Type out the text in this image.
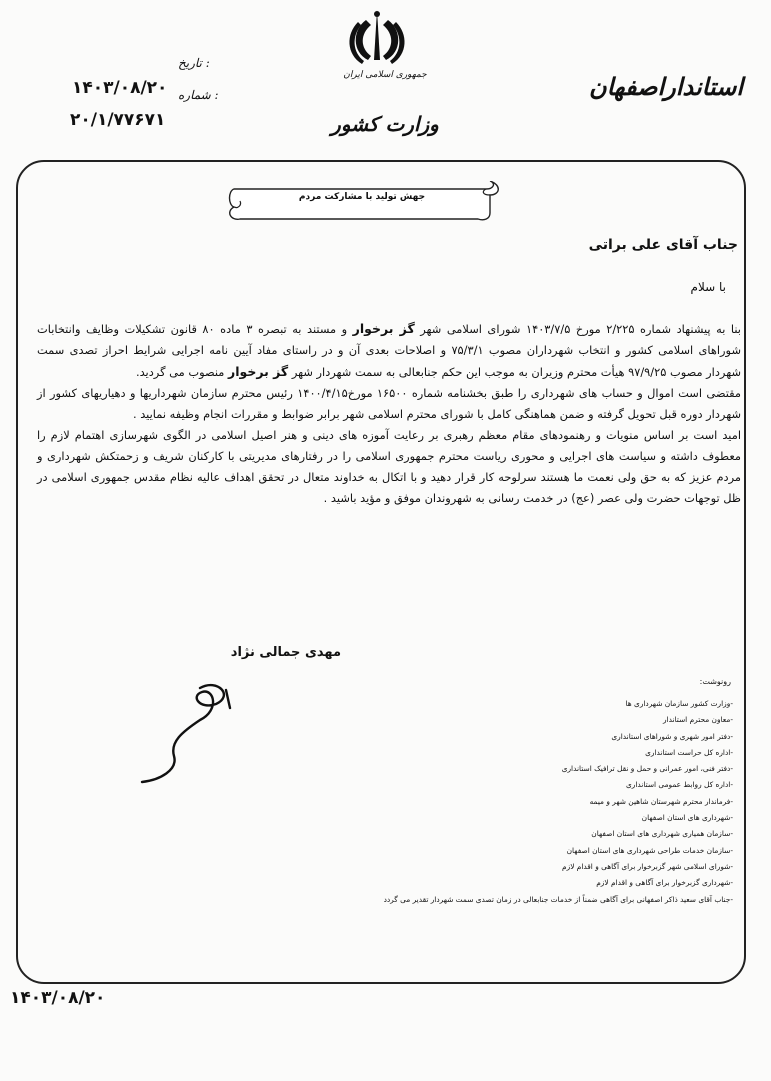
جمهوری اسلامی ایران
وزارت کشور
استانداراصفهان
تاریخ :
شماره :
۱۴۰۳/۰۸/۲۰
۲۰/۱/۷۷۶۷۱
جهش تولید با مشارکت مردم
جناب آقای علی براتی
با سلام

بنا به پیشنهاد شماره ۲/۲۲۵ مورخ ۱۴۰۳/۷/۵ شورای اسلامی شهر گز برخوار و مستند به تبصره ۳ ماده ۸۰ قانون تشکیلات وظایف وانتخابات شوراهای اسلامی کشور و انتخاب شهرداران مصوب ۷۵/۳/۱ و اصلاحات بعدی آن و در راستای مفاد آیین نامه اجرایی شرایط احراز تصدی سمت شهردار مصوب ۹۷/۹/۲۵ هیأت محترم وزیران به موجب این حکم جنابعالی به سمت شهردار شهر گز برخوار منصوب می گردید.

مقتضی است اموال و حساب های شهرداری را طبق بخشنامه شماره ۱۶۵۰۰ مورخ۱۴۰۰/۴/۱۵ رئیس محترم سازمان شهرداریها و دهیاریهای کشور از شهردار دوره قبل تحویل گرفته و ضمن هماهنگی کامل با شورای محترم اسلامی شهر برابر ضوابط و مقررات انجام وظیفه نمایید .

امید است بر اساس منویات و رهنمودهای مقام معظم رهبری بر رعایت آموزه های دینی و هنر اصیل اسلامی در الگوی شهرسازی اهتمام لازم را معطوف داشته و سیاست های اجرایی و محوری ریاست محترم جمهوری اسلامی را در رفتارهای مدیریتی با کارکنان شریف و زحمتکش شهرداری و مردم عزیز که به حق ولی نعمت ما هستند سرلوحه کار قرار دهید و با اتکال به خداوند متعال در تحقق اهداف عالیه نظام مقدس جمهوری اسلامی در ظل توجهات حضرت ولی عصر (عج) در خدمت رسانی به شهروندان موفق و مؤید باشید .

مهدی جمالی نژاد
رونوشت:
-وزارت کشور سازمان شهرداری ها
-معاون محترم استاندار
-دفتر امور شهری و شوراهای استانداری
-اداره کل حراست استانداری
-دفتر فنی، امور عمرانی و حمل و نقل ترافیک استانداری
-اداره کل روابط عمومی استانداری
-فرماندار محترم شهرستان شاهین شهر و میمه
-شهرداری های استان اصفهان
-سازمان همیاری شهرداری های استان اصفهان
-سازمان خدمات طراحی شهرداری های استان اصفهان
-شورای اسلامی شهر گزبرخوار برای آگاهی و اقدام لازم
-شهرداری گزبرخوار برای آگاهی و اقدام لازم
-جناب آقای سعید ذاکر اصفهانی برای آگاهی ضمناً از خدمات جنابعالی در زمان تصدی سمت شهردار تقدیر می گردد
۱۴۰۳/۰۸/۲۰
